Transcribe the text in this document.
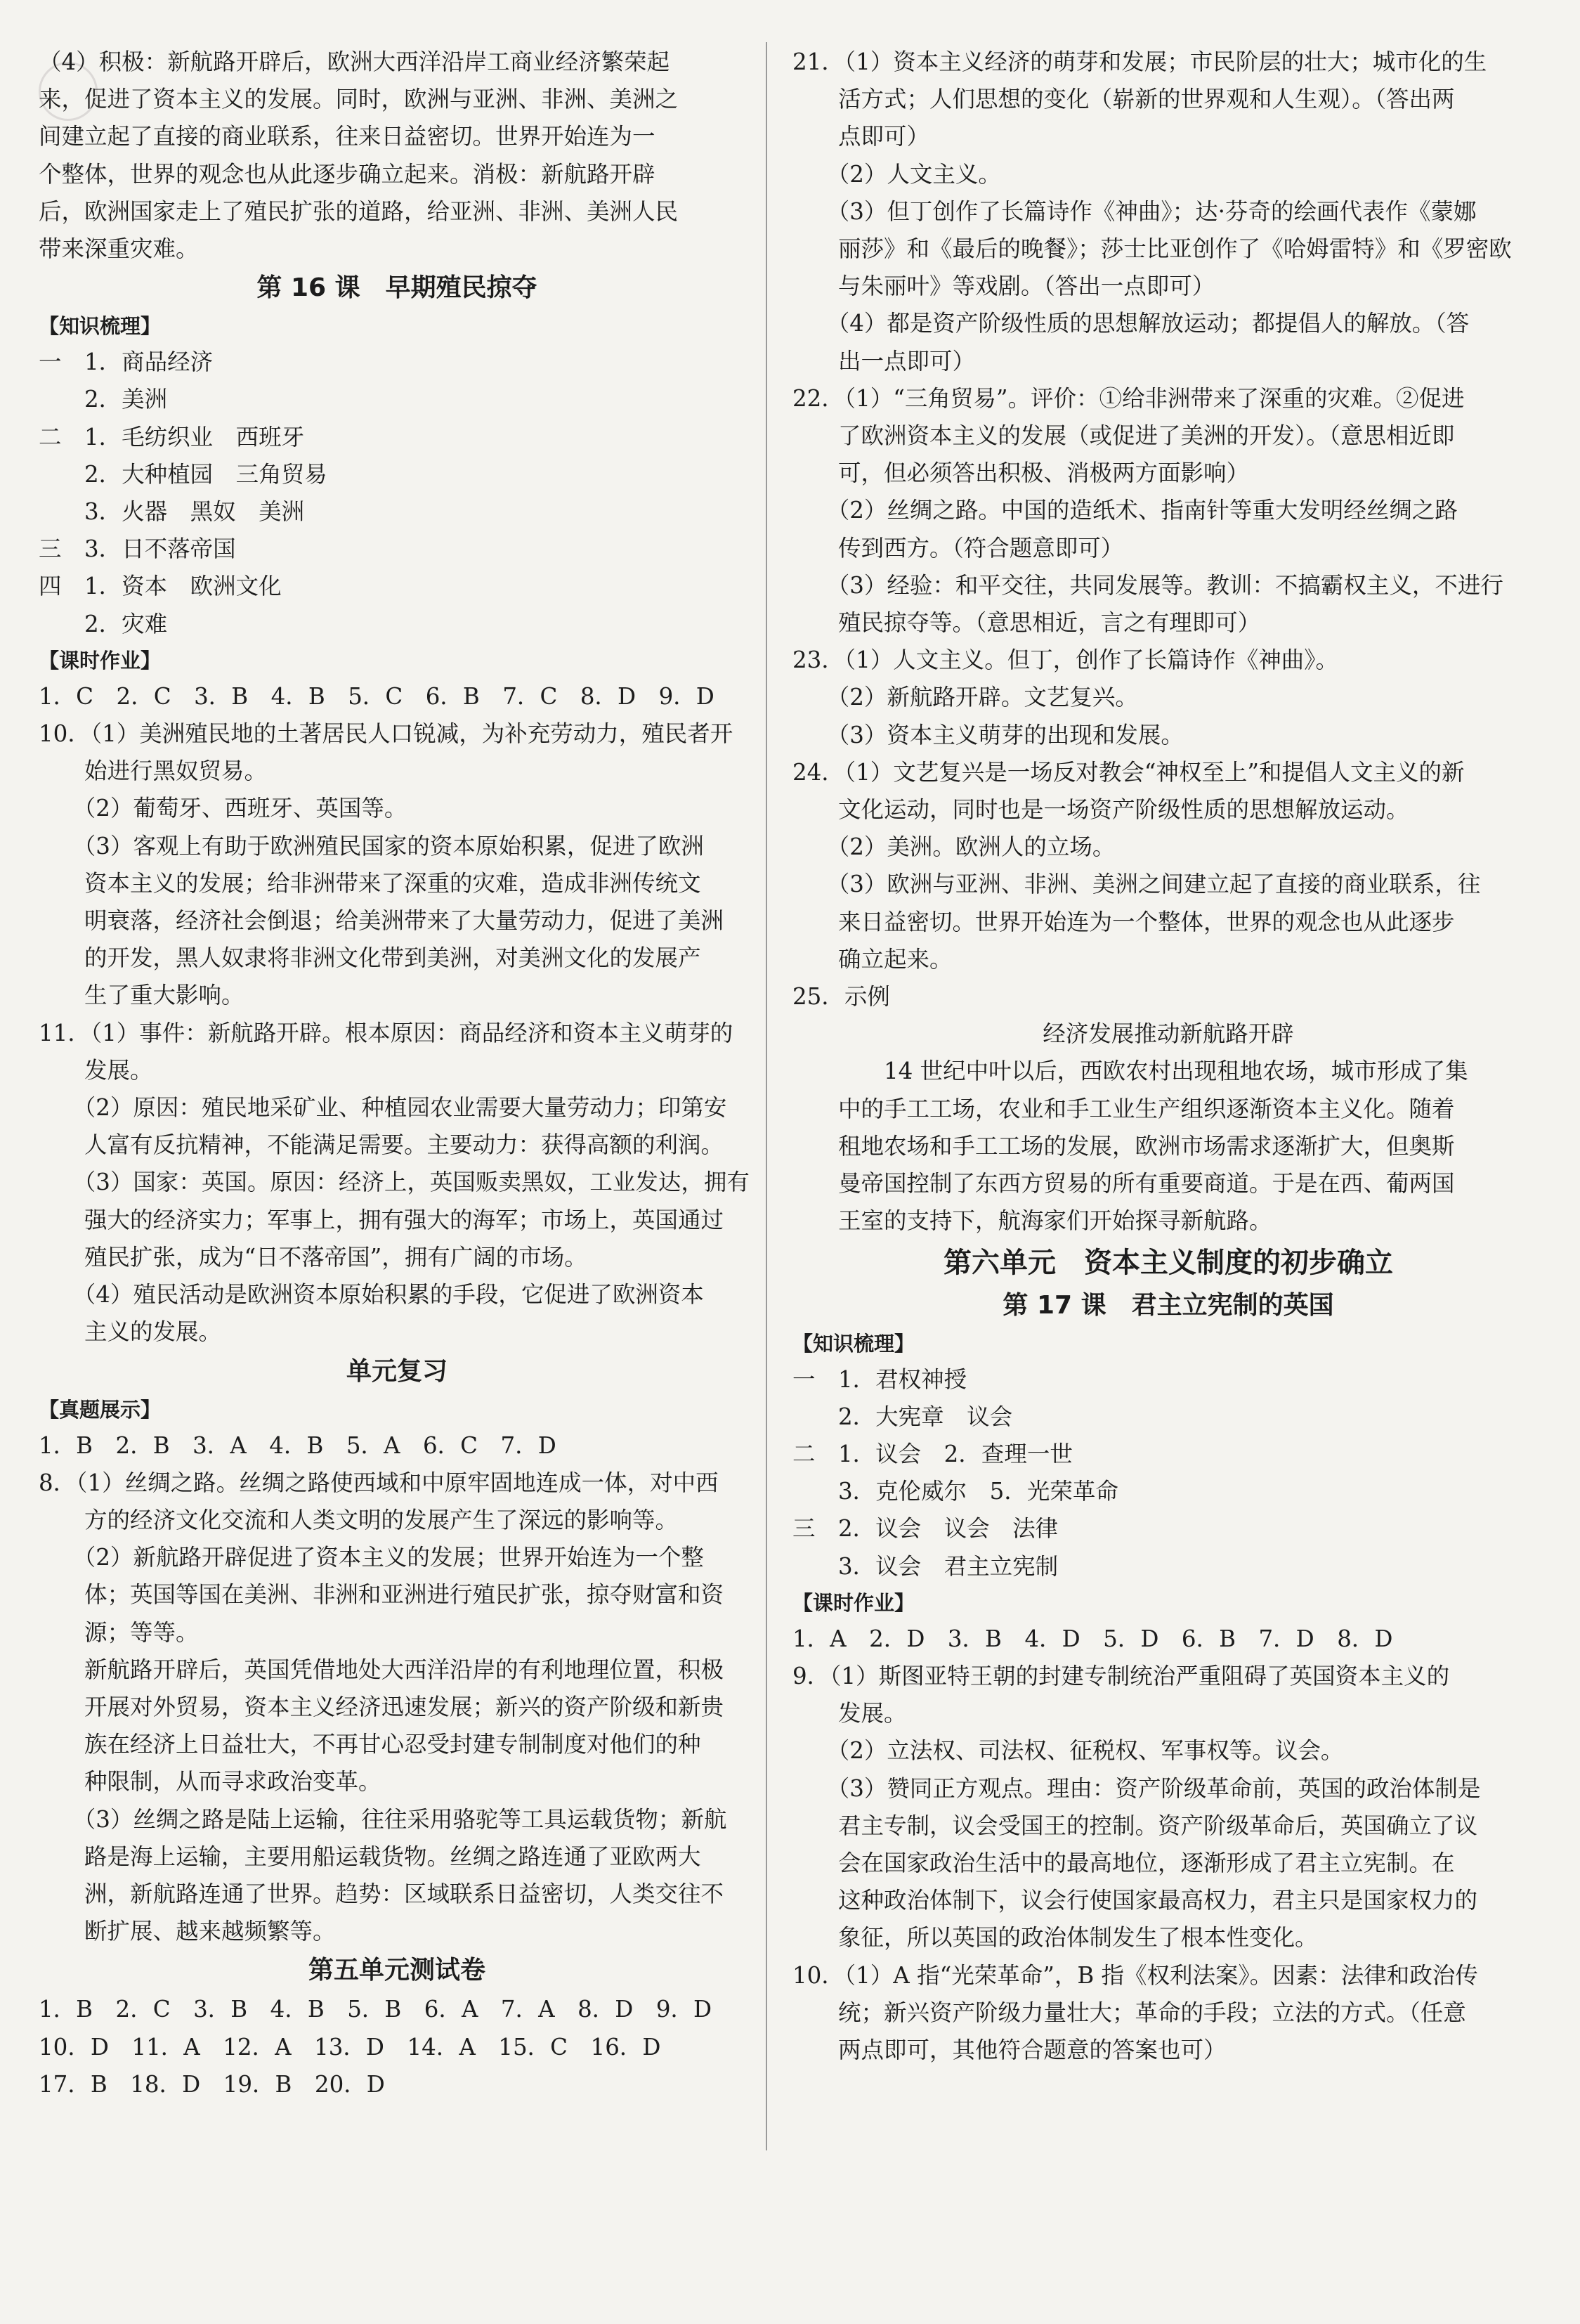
（4）积极：新航路开辟后，欧洲大西洋沿岸工商业经济繁荣起
来，促进了资本主义的发展。同时，欧洲与亚洲、非洲、美洲之
间建立起了直接的商业联系，往来日益密切。世界开始连为一
个整体，世界的观念也从此逐步确立起来。消极：新航路开辟
后，欧洲国家走上了殖民扩张的道路，给亚洲、非洲、美洲人民
带来深重灾难。
第 16 课　早期殖民掠夺
【知识梳理】
一　1．商品经济
　　2．美洲
二　1．毛纺织业　西班牙
　　2．大种植园　三角贸易
　　3．火器　黑奴　美洲
三　3．日不落帝国
四　1．资本　欧洲文化
　　2．灾难
【课时作业】
1．C　2．C　3．B　4．B　5．C　6．B　7．C　8．D　9．D
10．（1）美洲殖民地的土著居民人口锐减，为补充劳动力，殖民者开
　　始进行黑奴贸易。
　　（2）葡萄牙、西班牙、英国等。
　　（3）客观上有助于欧洲殖民国家的资本原始积累，促进了欧洲
　　资本主义的发展；给非洲带来了深重的灾难，造成非洲传统文
　　明衰落，经济社会倒退；给美洲带来了大量劳动力，促进了美洲
　　的开发，黑人奴隶将非洲文化带到美洲，对美洲文化的发展产
　　生了重大影响。
11．（1）事件：新航路开辟。根本原因：商品经济和资本主义萌芽的
　　发展。
　　（2）原因：殖民地采矿业、种植园农业需要大量劳动力；印第安
　　人富有反抗精神，不能满足需要。主要动力：获得高额的利润。
　　（3）国家：英国。原因：经济上，英国贩卖黑奴，工业发达，拥有
　　强大的经济实力；军事上，拥有强大的海军；市场上，英国通过
　　殖民扩张，成为“日不落帝国”，拥有广阔的市场。
　　（4）殖民活动是欧洲资本原始积累的手段，它促进了欧洲资本
　　主义的发展。
单元复习
【真题展示】
1．B　2．B　3．A　4．B　5．A　6．C　7．D
8．（1）丝绸之路。丝绸之路使西域和中原牢固地连成一体，对中西
　　方的经济文化交流和人类文明的发展产生了深远的影响等。
　　（2）新航路开辟促进了资本主义的发展；世界开始连为一个整
　　体；英国等国在美洲、非洲和亚洲进行殖民扩张，掠夺财富和资
　　源；等等。
　　新航路开辟后，英国凭借地处大西洋沿岸的有利地理位置，积极
　　开展对外贸易，资本主义经济迅速发展；新兴的资产阶级和新贵
　　族在经济上日益壮大，不再甘心忍受封建专制制度对他们的种
　　种限制，从而寻求政治变革。
　　（3）丝绸之路是陆上运输，往往采用骆驼等工具运载货物；新航
　　路是海上运输，主要用船运载货物。丝绸之路连通了亚欧两大
　　洲，新航路连通了世界。趋势：区域联系日益密切，人类交往不
　　断扩展、越来越频繁等。
第五单元测试卷
1．B　2．C　3．B　4．B　5．B　6．A　7．A　8．D　9．D
10．D　11．A　12．A　13．D　14．A　15．C　16．D
17．B　18．D　19．B　20．D
21．（1）资本主义经济的萌芽和发展；市民阶层的壮大；城市化的生
　　活方式；人们思想的变化（崭新的世界观和人生观）。（答出两
　　点即可）
　　（2）人文主义。
　　（3）但丁创作了长篇诗作《神曲》；达·芬奇的绘画代表作《蒙娜
　　丽莎》和《最后的晚餐》；莎士比亚创作了《哈姆雷特》和《罗密欧
　　与朱丽叶》等戏剧。（答出一点即可）
　　（4）都是资产阶级性质的思想解放运动；都提倡人的解放。（答
　　出一点即可）
22．（1）“三角贸易”。评价：①给非洲带来了深重的灾难。②促进
　　了欧洲资本主义的发展（或促进了美洲的开发）。（意思相近即
　　可，但必须答出积极、消极两方面影响）
　　（2）丝绸之路。中国的造纸术、指南针等重大发明经丝绸之路
　　传到西方。（符合题意即可）
　　（3）经验：和平交往，共同发展等。教训：不搞霸权主义，不进行
　　殖民掠夺等。（意思相近，言之有理即可）
23．（1）人文主义。但丁，创作了长篇诗作《神曲》。
　　（2）新航路开辟。文艺复兴。
　　（3）资本主义萌芽的出现和发展。
24．（1）文艺复兴是一场反对教会“神权至上”和提倡人文主义的新
　　文化运动，同时也是一场资产阶级性质的思想解放运动。
　　（2）美洲。欧洲人的立场。
　　（3）欧洲与亚洲、非洲、美洲之间建立起了直接的商业联系，往
　　来日益密切。世界开始连为一个整体，世界的观念也从此逐步
　　确立起来。
25．示例
经济发展推动新航路开辟
　　　　14 世纪中叶以后，西欧农村出现租地农场，城市形成了集
　　中的手工工场，农业和手工业生产组织逐渐资本主义化。随着
　　租地农场和手工工场的发展，欧洲市场需求逐渐扩大，但奥斯
　　曼帝国控制了东西方贸易的所有重要商道。于是在西、葡两国
　　王室的支持下，航海家们开始探寻新航路。
第六单元　资本主义制度的初步确立
第 17 课　君主立宪制的英国
【知识梳理】
一　1．君权神授
　　2．大宪章　议会
二　1．议会　2．查理一世
　　3．克伦威尔　5．光荣革命
三　2．议会　议会　法律
　　3．议会　君主立宪制
【课时作业】
1．A　2．D　3．B　4．D　5．D　6．B　7．D　8．D
9．（1）斯图亚特王朝的封建专制统治严重阻碍了英国资本主义的
　　发展。
　　（2）立法权、司法权、征税权、军事权等。议会。
　　（3）赞同正方观点。理由：资产阶级革命前，英国的政治体制是
　　君主专制，议会受国王的控制。资产阶级革命后，英国确立了议
　　会在国家政治生活中的最高地位，逐渐形成了君主立宪制。在
　　这种政治体制下，议会行使国家最高权力，君主只是国家权力的
　　象征，所以英国的政治体制发生了根本性变化。
10．（1）A 指“光荣革命”，B 指《权利法案》。因素：法律和政治传
　　统；新兴资产阶级力量壮大；革命的手段；立法的方式。（任意
　　两点即可，其他符合题意的答案也可）
